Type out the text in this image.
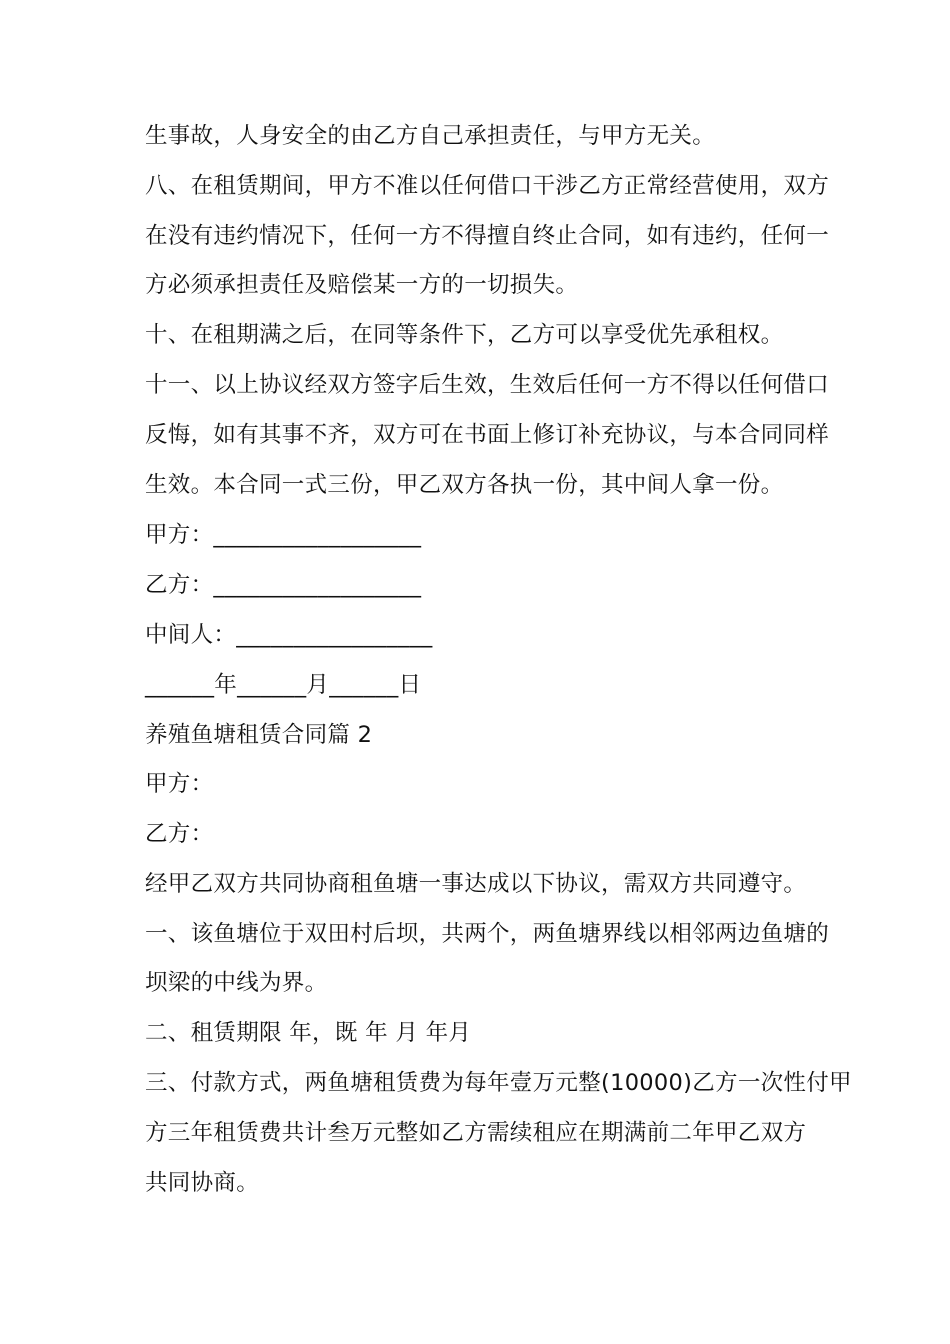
生事故，人身安全的由乙方自己承担责任，与甲方无关。
八、在租赁期间，甲方不准以任何借口干涉乙方正常经营使用，双方
在没有违约情况下，任何一方不得擅自终止合同，如有违约，任何一
方必须承担责任及赔偿某一方的一切损失。
十、在租期满之后，在同等条件下，乙方可以享受优先承租权。
十一、以上协议经双方签字后生效，生效后任何一方不得以任何借口
反悔，如有其事不齐，双方可在书面上修订补充协议，与本合同同样
生效。本合同一式三份，甲乙双方各执一份，其中间人拿一份。
甲方：__________________
乙方：__________________
中间人：_________________
______年______月______日
养殖鱼塘租赁合同篇 2
甲方：
乙方：
经甲乙双方共同协商租鱼塘一事达成以下协议，需双方共同遵守。
一、该鱼塘位于双田村后坝，共两个，两鱼塘界线以相邻两边鱼塘的
坝梁的中线为界。
二、租赁期限 年，既 年 月 年月
三、付款方式，两鱼塘租赁费为每年壹万元整(10000)乙方一次性付甲
方三年租赁费共计叁万元整如乙方需续租应在期满前二年甲乙双方
共同协商。
